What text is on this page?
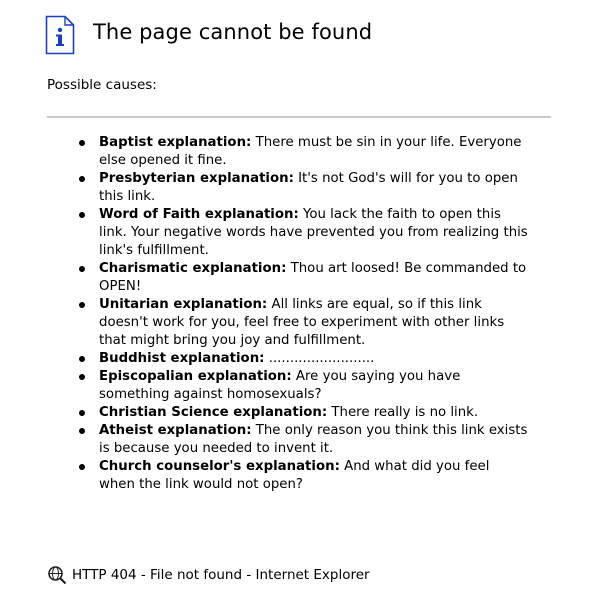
The page cannot be found
Possible causes:
Baptist explanation: There must be sin in your life. Everyone else opened it fine.
Presbyterian explanation: It's not God's will for you to open this link.
Word of Faith explanation: You lack the faith to open this link. Your negative words have prevented you from realizing this link's fulfillment.
Charismatic explanation: Thou art loosed! Be commanded to OPEN!
Unitarian explanation: All links are equal, so if this link doesn't work for you, feel free to experiment with other links that might bring you joy and fulfillment.
Buddhist explanation: .........................
Episcopalian explanation: Are you saying you have something against homosexuals?
Christian Science explanation: There really is no link.
Atheist explanation: The only reason you think this link exists is because you needed to invent it.
Church counselor's explanation: And what did you feel when the link would not open?
HTTP 404 - File not found - Internet Explorer
